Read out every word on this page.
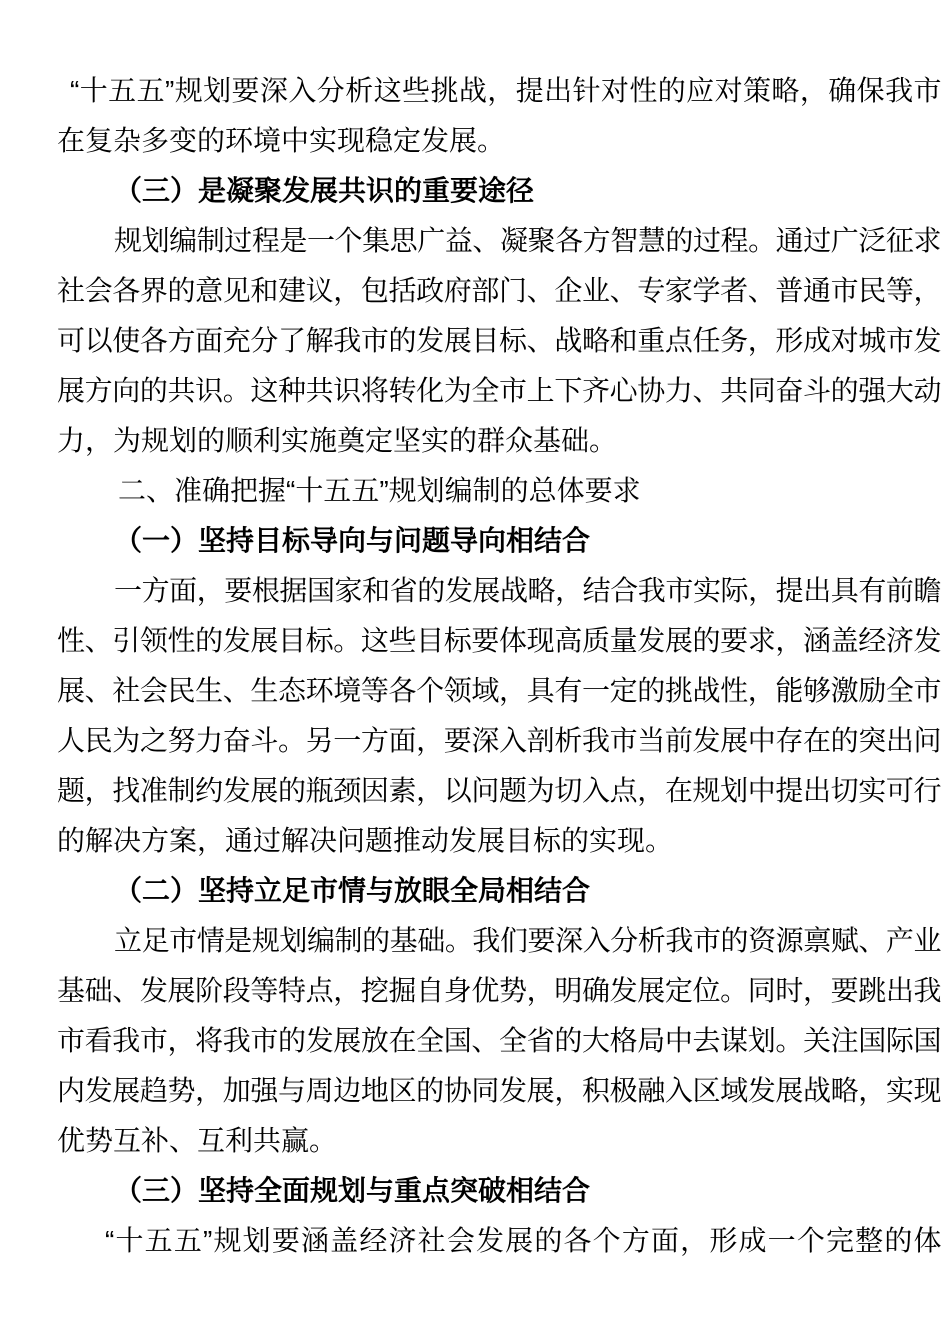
“十五五”规划要深入分析这些挑战，提出针对性的应对策略，确保我市
在复杂多变的环境中实现稳定发展。
（三）是凝聚发展共识的重要途径
规划编制过程是一个集思广益、凝聚各方智慧的过程。通过广泛征求
社会各界的意见和建议，包括政府部门、企业、专家学者、普通市民等，
可以使各方面充分了解我市的发展目标、战略和重点任务，形成对城市发
展方向的共识。这种共识将转化为全市上下齐心协力、共同奋斗的强大动
力，为规划的顺利实施奠定坚实的群众基础。
二、准确把握“十五五”规划编制的总体要求
（一）坚持目标导向与问题导向相结合
一方面，要根据国家和省的发展战略，结合我市实际，提出具有前瞻
性、引领性的发展目标。这些目标要体现高质量发展的要求，涵盖经济发
展、社会民生、生态环境等各个领域，具有一定的挑战性，能够激励全市
人民为之努力奋斗。另一方面，要深入剖析我市当前发展中存在的突出问
题，找准制约发展的瓶颈因素，以问题为切入点，在规划中提出切实可行
的解决方案，通过解决问题推动发展目标的实现。
（二）坚持立足市情与放眼全局相结合
立足市情是规划编制的基础。我们要深入分析我市的资源禀赋、产业
基础、发展阶段等特点，挖掘自身优势，明确发展定位。同时，要跳出我
市看我市，将我市的发展放在全国、全省的大格局中去谋划。关注国际国
内发展趋势，加强与周边地区的协同发展，积极融入区域发展战略，实现
优势互补、互利共赢。
（三）坚持全面规划与重点突破相结合
“十五五”规划要涵盖经济社会发展的各个方面，形成一个完整的体
